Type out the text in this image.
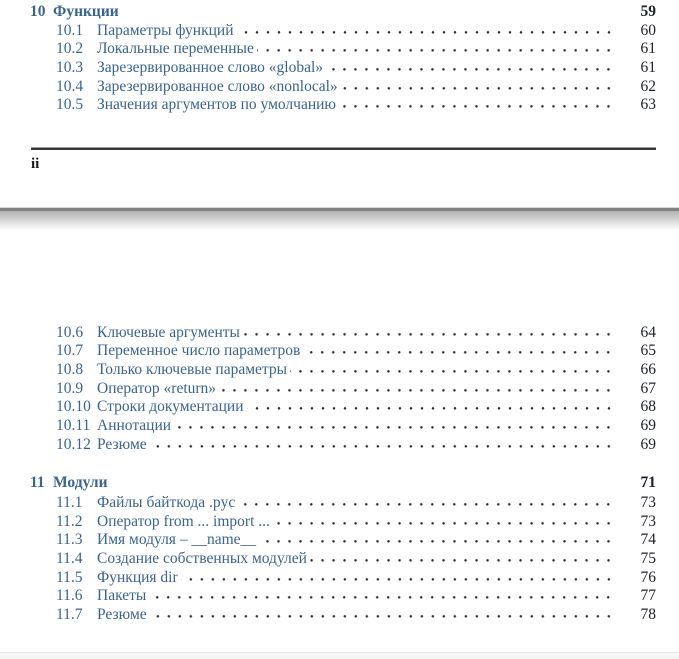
10 Функции	59
10.1 Параметры функций	60
10.2 Локальные переменные	61
10.3 Зарезервированное слово «global»	61
10.4 Зарезервированное слово «nonlocal»	62
10.5 Значения аргументов по умолчанию	63
ii
10.6 Ключевые аргументы	64
10.7 Переменное число параметров	65
10.8 Только ключевые параметры	66
10.9 Оператор «return»	67
10.10 Строки документации	68
10.11 Аннотации	69
10.12 Резюме	69
11 Модули	71
11.1 Файлы байткода .pyc	73
11.2 Оператор from ... import ...	73
11.3 Имя модуля – __name__	74
11.4 Создание собственных модулей	75
11.5 Функция dir	76
11.6 Пакеты	77
11.7 Резюме	78
